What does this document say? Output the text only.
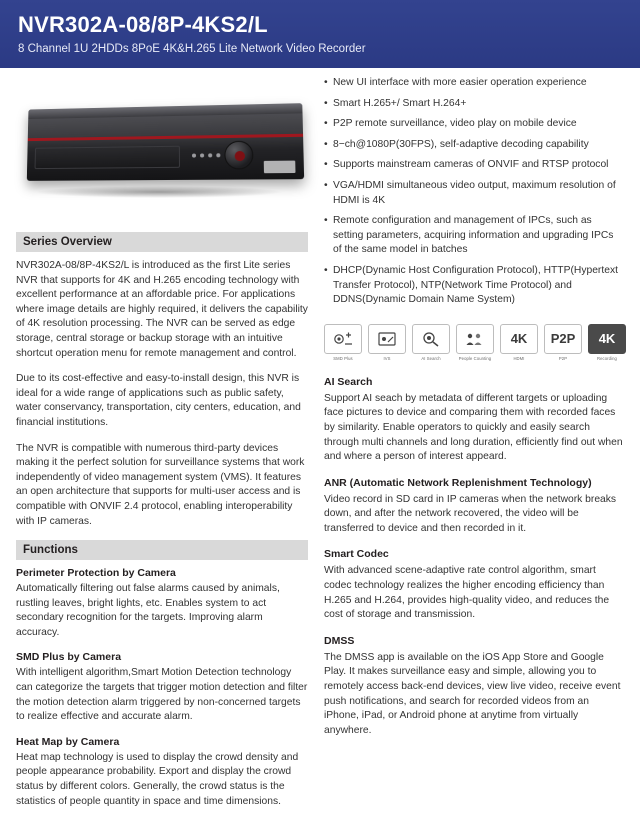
NVR302A-08/8P-4KS2/L
8 Channel 1U 2HDDs 8PoE 4K&H.265 Lite Network Video Recorder
Series Overview

NVR302A-08/8P-4KS2/L is introduced as the first Lite series NVR that supports for 4K and H.265 encoding technology with excellent performance at an affordable price. For applications where image details are highly required, it delivers the capability of 4K resolution processing. The NVR can be served as edge storage, central storage or backup storage with an intuitive shortcut operation menu for remote management and control.

Due to its cost-effective and easy-to-install design, this NVR is ideal for a wide range of applications such as public safety, water conservancy, transportation, city centers, education, and financial institutions.

The NVR is compatible with numerous third-party devices making it the perfect solution for surveillance systems that work independently of video management system (VMS). It features an open architecture that supports for multi-user access and is compatible with ONVIF 2.4 protocol, enabling interoperability with IP cameras.

Functions
Perimeter Protection by Camera

Automatically filtering out false alarms caused by animals, rustling leaves, bright lights, etc. Enables system to act secondary recognition for the targets. Improving alarm accuracy.

SMD Plus by Camera

With intelligent algorithm,Smart Motion Detection technology can categorize the targets that trigger motion detection and filter the motion detection alarm triggered by non-concerned targets to realize effective and accurate alarm.

Heat Map by Camera

Heat map technology is used to display the crowd density and people appearance probability. Export and display the crowd status by different colors. Generally, the crowd status is the statistics of people quantity in space and time dimensions.

• New UI interface with more easier operation experience
• Smart H.265+/ Smart H.264+
• P2P remote surveillance, video play on mobile device
• 8−ch@1080P(30FPS), self-adaptive decoding capability
• Supports mainstream cameras of ONVIF and RTSP protocol
• VGA/HDMI simultaneous video output, maximum resolution of HDMI is 4K
• Remote configuration and management of IPCs, such as setting parameters, acquiring information and upgrading IPCs of the same model in batches
• DHCP(Dynamic Host Configuration Protocol), HTTP(Hypertext Transfer Protocol), NTP(Network Time Protocol) and DDNS(Dynamic Domain Name System)
SMD Plus	IVS	AI Search	People Counting
4K
HDMI
P2P
P2P
4K
Recording
AI Search

Support AI seach by metadata of different targets or uploading face pictures to device and comparing them with recorded faces by similarity. Enable operators to quickly and easily search through multi channels and long duration, efficiently find out when and where a person of interest appeard.

ANR (Automatic Network Replenishment Technology)

Video record in SD card in IP cameras when the network breaks down, and after the network recovered, the video will be transferred to device and then recorded in it.

Smart Codec

With advanced scene-adaptive rate control algorithm, smart codec technology realizes the higher encoding efficiency than H.265 and H.264, provides high-quality video, and reduces the cost of storage and transmission.

DMSS

The DMSS app is available on the iOS App Store and Google Play. It makes surveillance easy and simple, allowing you to remotely access back-end devices, view live video, receive event push notifications, and search for recorded videos from an iPhone, iPad, or Android phone at anytime from virtually anywhere.
